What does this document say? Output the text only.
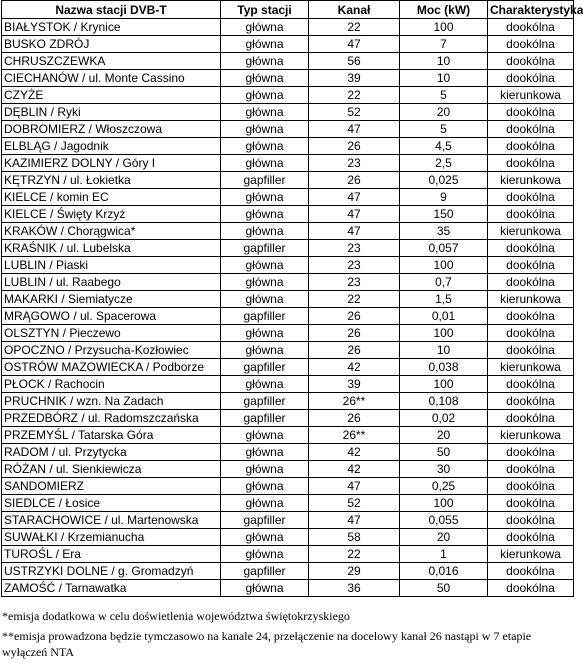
Nazwa stacji DVB-T	Typ stacji	Kanał	Moc (kW)	Charakterystyka
BIAŁYSTOK / Krynice	główna	22	100	dookólna
BUSKO ZDRÓJ	główna	47	7	dookólna
CHRUSZCZEWKA	główna	56	10	dookólna
CIECHANÓW / ul. Monte Cassino	główna	39	10	dookólna
CZYŻE	główna	22	5	kierunkowa
DĘBLIN / Ryki	główna	52	20	dookólna
DOBROMIERZ / Włoszczowa	główna	47	5	dookólna
ELBLĄG / Jagodnik	główna	26	4,5	dookólna
KAZIMIERZ DOLNY / Góry I	główna	23	2,5	dookólna
KĘTRZYN / ul. Łokietka	gapfiller	26	0,025	kierunkowa
KIELCE / komin EC	główna	47	9	dookólna
KIELCE / Święty Krzyż	główna	47	150	dookólna
KRAKÓW / Chorągwica*	główna	47	35	kierunkowa
KRAŚNIK / ul. Lubelska	gapfiller	23	0,057	dookólna
LUBLIN / Piaski	główna	23	100	dookólna
LUBLIN / ul. Raabego	główna	23	0,7	dookólna
MAKARKI / Siemiatycze	główna	22	1,5	kierunkowa
MRĄGOWO / ul. Spacerowa	gapfiller	26	0,01	dookólna
OLSZTYN / Pieczewo	główna	26	100	dookólna
OPOCZNO / Przysucha-Kozłowiec	główna	26	10	dookólna
OSTRÓW MAZOWIECKA / Podborze	gapfiller	42	0,038	kierunkowa
PŁOCK / Rachocin	główna	39	100	dookólna
PRUCHNIK / wzn. Na Zadach	gapfiller	26**	0,108	dookólna
PRZEDBÓRZ / ul. Radomszczańska	gapfiller	26	0,02	dookólna
PRZEMYŚL / Tatarska Góra	główna	26**	20	kierunkowa
RADOM / ul. Przytycka	główna	42	50	dookólna
RÓŻAN / ul. Sienkiewicza	główna	42	30	dookólna
SANDOMIERZ	główna	47	0,25	dookólna
SIEDLCE / Łosice	główna	52	100	dookólna
STARACHOWICE / ul. Martenowska	gapfiller	47	0,055	dookólna
SUWAŁKI / Krzemianucha	główna	58	20	dookólna
TUROŚL / Era	główna	22	1	kierunkowa
USTRZYKI DOLNE / g. Gromadzyń	gapfiller	29	0,016	dookólna
ZAMOŚĆ / Tarnawatka	główna	36	50	dookólna

*emisja dodatkowa w celu doświetlenia województwa świętokrzyskiego

**emisja prowadzona będzie tymczasowo na kanale 24, przełączenie na docelowy kanał 26 nastąpi w 7 etapie wyłączeń NTA
